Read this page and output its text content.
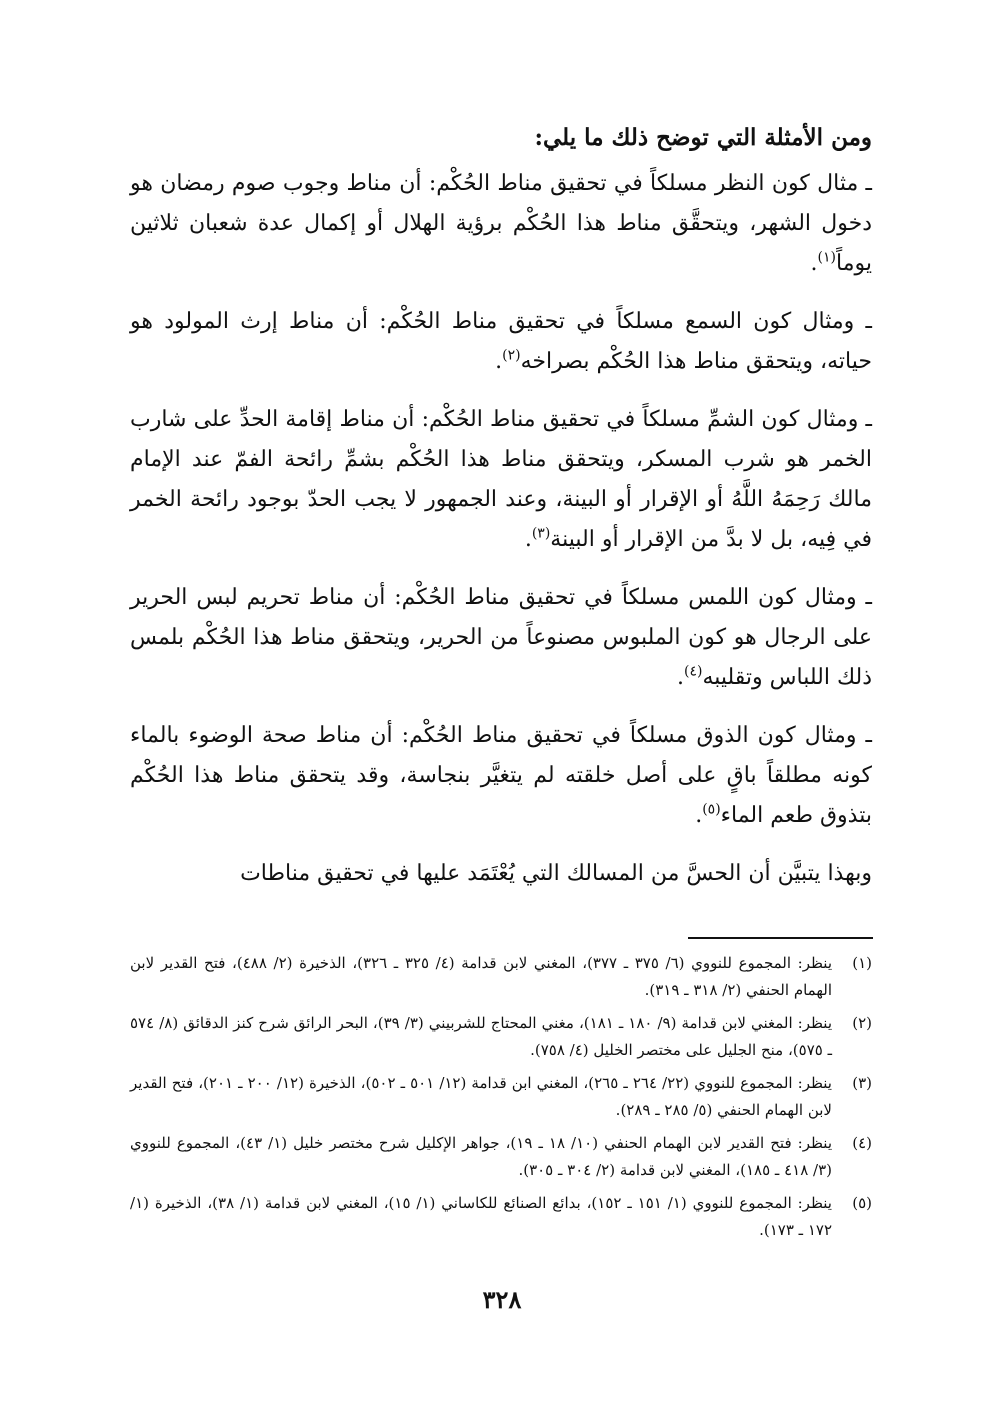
ومن الأمثلة التي توضح ذلك ما يلي:

ـ مثال كون النظر مسلكاً في تحقيق مناط الحُكْم: أن مناط وجوب صوم رمضان هو دخول الشهر، ويتحقَّق مناط هذا الحُكْم برؤية الهلال أو إكمال عدة شعبان ثلاثين يوماً$^{(١)}$.

ـ ومثال كون السمع مسلكاً في تحقيق مناط الحُكْم: أن مناط إرث المولود هو حياته، ويتحقق مناط هذا الحُكْم بصراخه$^{(٢)}$.

ـ ومثال كون الشمِّ مسلكاً في تحقيق مناط الحُكْم: أن مناط إقامة الحدِّ على شارب الخمر هو شرب المسكر، ويتحقق مناط هذا الحُكْم بشمِّ رائحة الفمّ عند الإمام مالك رَحِمَهُ اللَّهُ أو الإقرار أو البينة، وعند الجمهور لا يجب الحدّ بوجود رائحة الخمر في فِيه، بل لا بدَّ من الإقرار أو البينة$^{(٣)}$.

ـ ومثال كون اللمس مسلكاً في تحقيق مناط الحُكْم: أن مناط تحريم لبس الحرير على الرجال هو كون الملبوس مصنوعاً من الحرير، ويتحقق مناط هذا الحُكْم بلمس ذلك اللباس وتقليبه$^{(٤)}$.

ـ ومثال كون الذوق مسلكاً في تحقيق مناط الحُكْم: أن مناط صحة الوضوء بالماء كونه مطلقاً باقٍ على أصل خلقته لم يتغيَّر بنجاسة، وقد يتحقق مناط هذا الحُكْم بتذوق طعم الماء$^{(٥)}$.

وبهذا يتبيَّن أن الحسَّ من المسالك التي يُعْتَمَد عليها في تحقيق مناطات

(١)
ينظر: المجموع للنووي (٦/ ٣٧٥ ـ ٣٧٧)، المغني لابن قدامة (٤/ ٣٢٥ ـ ٣٢٦)، الذخيرة (٢/ ٤٨٨)، فتح القدير لابن الهمام الحنفي (٢/ ٣١٨ ـ ٣١٩).
(٢)
ينظر: المغني لابن قدامة (٩/ ١٨٠ ـ ١٨١)، مغني المحتاج للشربيني (٣/ ٣٩)، البحر الرائق شرح كنز الدقائق (٨/ ٥٧٤ ـ ٥٧٥)، منح الجليل على مختصر الخليل (٤/ ٧٥٨).
(٣)
ينظر: المجموع للنووي (٢٢/ ٢٦٤ ـ ٢٦٥)، المغني ابن قدامة (١٢/ ٥٠١ ـ ٥٠٢)، الذخيرة (١٢/ ٢٠٠ ـ ٢٠١)، فتح القدير لابن الهمام الحنفي (٥/ ٢٨٥ ـ ٢٨٩).
(٤)
ينظر: فتح القدير لابن الهمام الحنفي (١٠/ ١٨ ـ ١٩)، جواهر الإكليل شرح مختصر خليل (١/ ٤٣)، المجموع للنووي (٣/ ٤١٨ ـ ١٨٥)، المغني لابن قدامة (٢/ ٣٠٤ ـ ٣٠٥).
(٥)
ينظر: المجموع للنووي (١/ ١٥١ ـ ١٥٢)، بدائع الصنائع للكاساني (١/ ١٥)، المغني لابن قدامة (١/ ٣٨)، الذخيرة (١/ ١٧٢ ـ ١٧٣).
٣٢٨
